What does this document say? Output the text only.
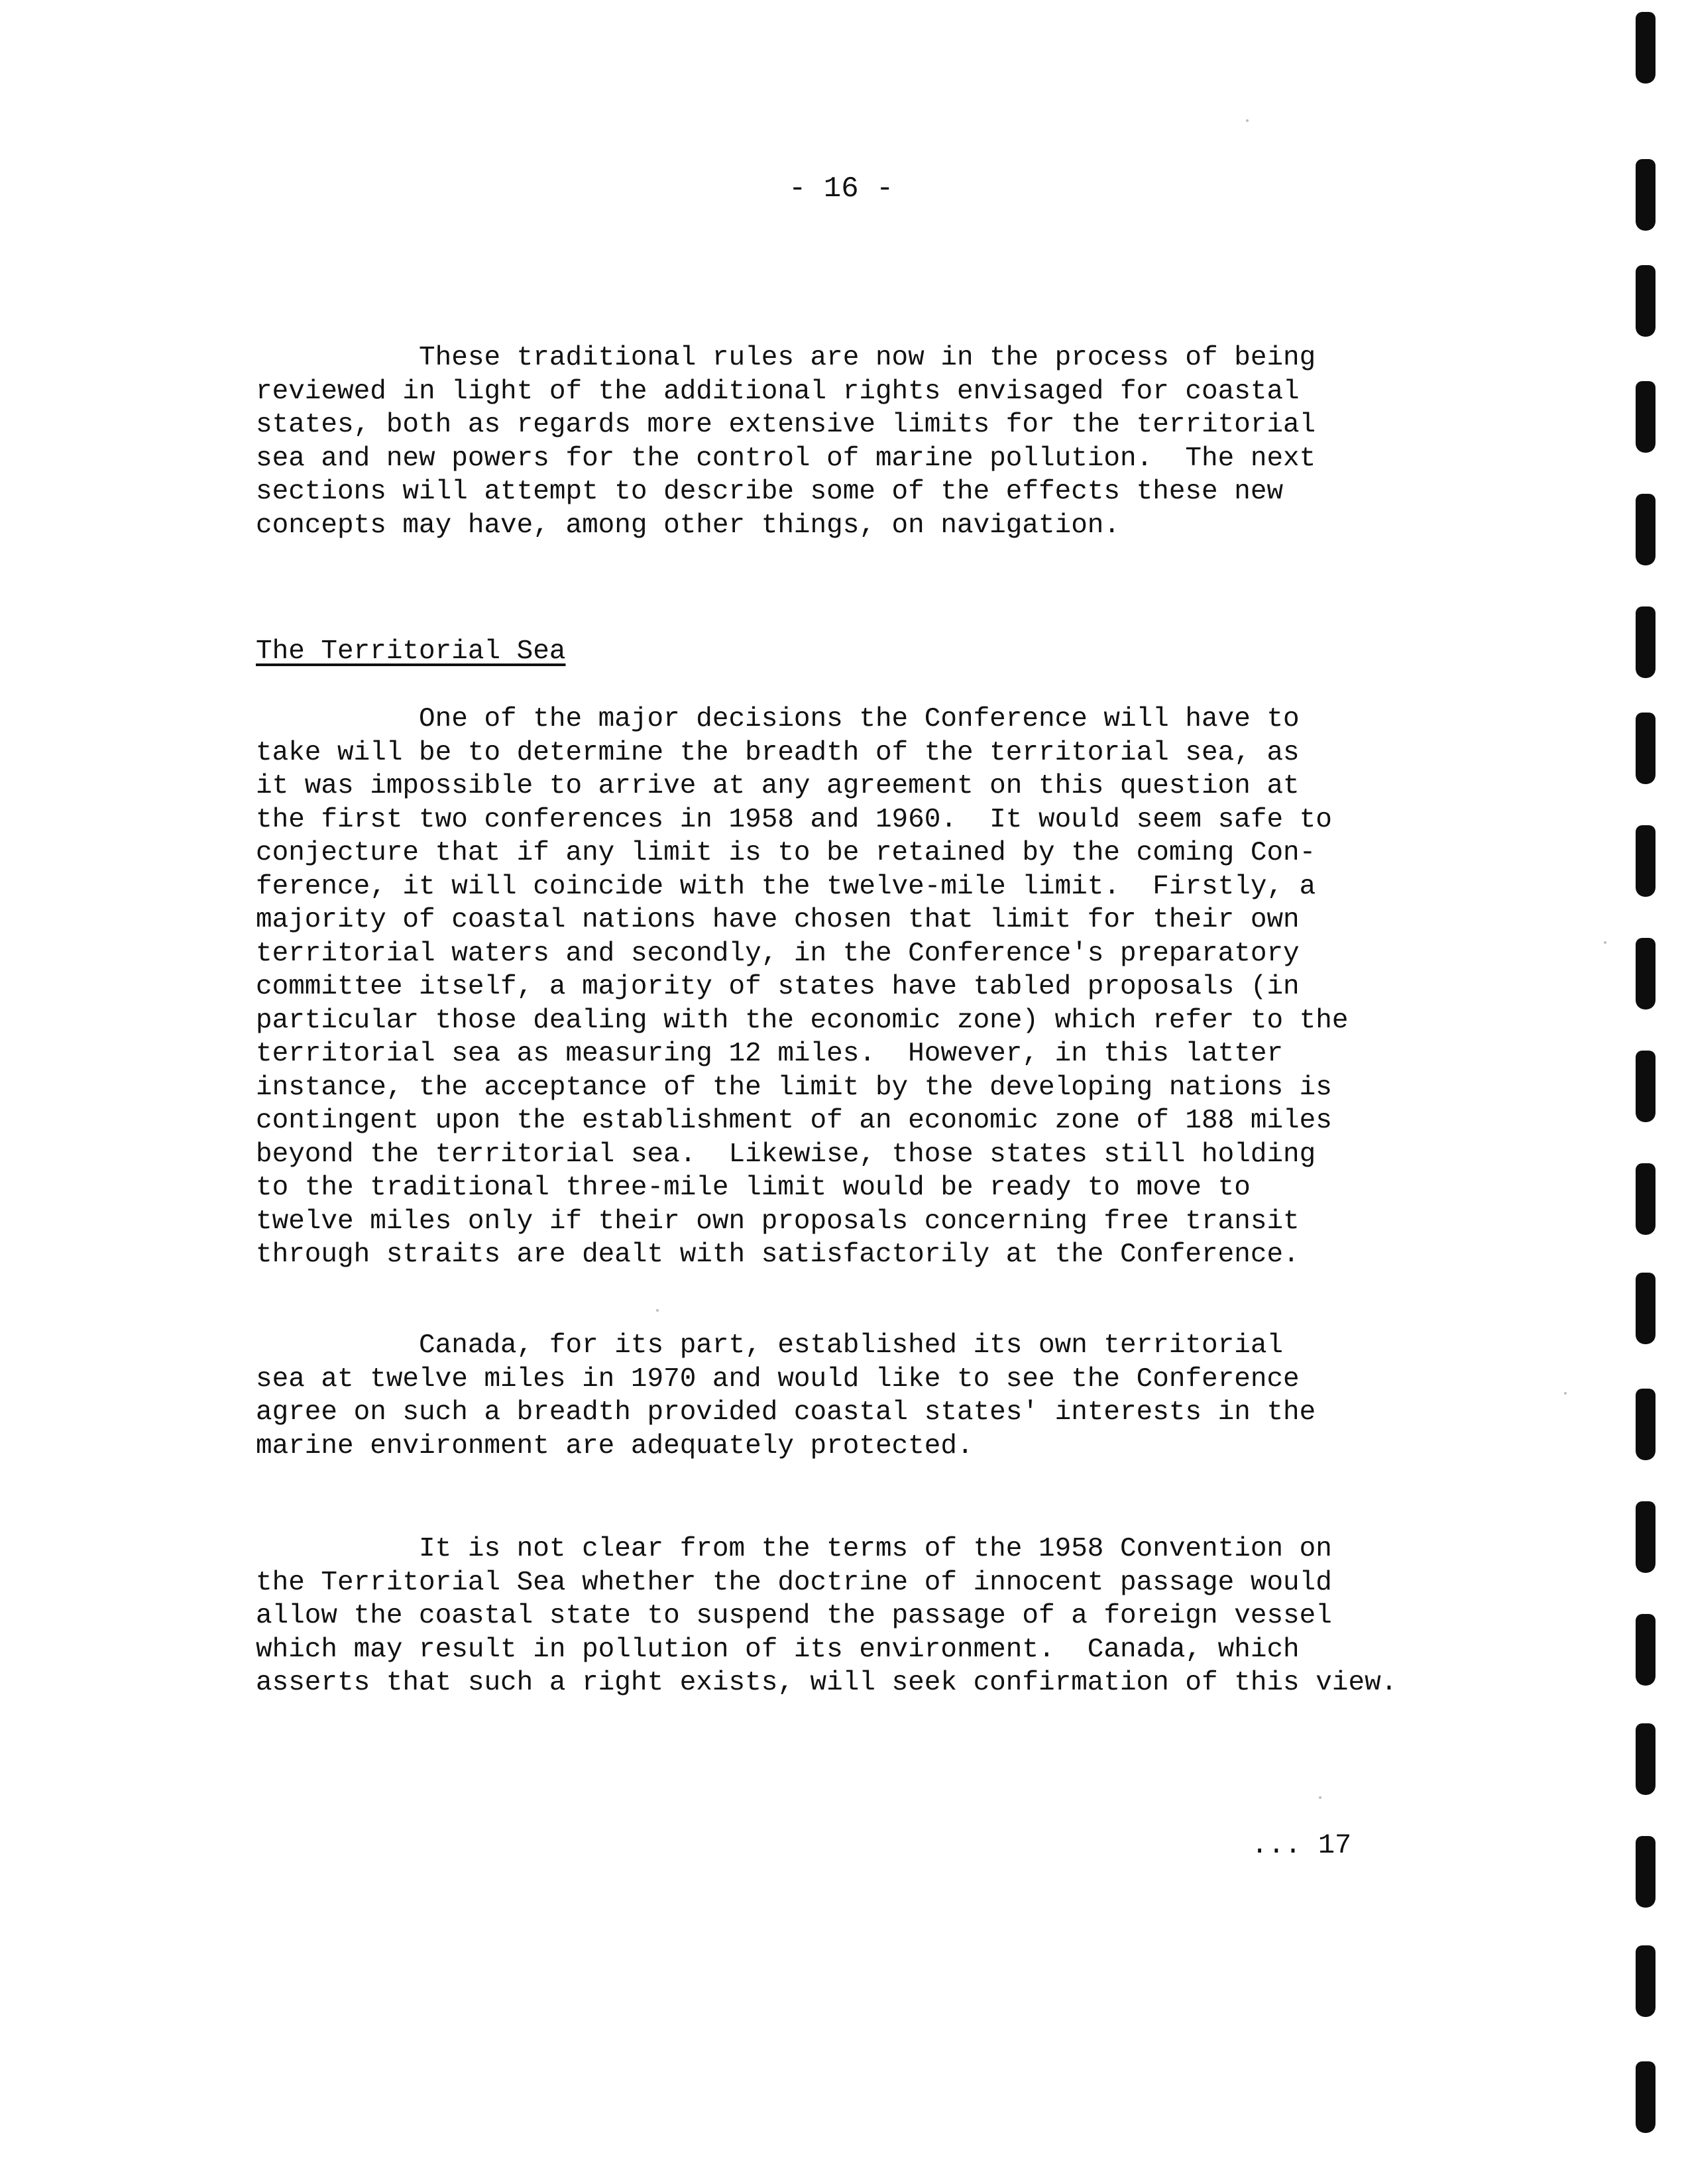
- 16 -

These traditional rules are now in the process of being
reviewed in light of the additional rights envisaged for coastal
states, both as regards more extensive limits for the territorial
sea and new powers for the control of marine pollution.  The next
sections will attempt to describe some of the effects these new
concepts may have, among other things, on navigation.

The Territorial Sea

One of the major decisions the Conference will have to
take will be to determine the breadth of the territorial sea, as
it was impossible to arrive at any agreement on this question at
the first two conferences in 1958 and 1960.  It would seem safe to
conjecture that if any limit is to be retained by the coming Con-
ference, it will coincide with the twelve-mile limit.  Firstly, a
majority of coastal nations have chosen that limit for their own
territorial waters and secondly, in the Conference's preparatory
committee itself, a majority of states have tabled proposals (in
particular those dealing with the economic zone) which refer to the
territorial sea as measuring 12 miles.  However, in this latter
instance, the acceptance of the limit by the developing nations is
contingent upon the establishment of an economic zone of 188 miles
beyond the territorial sea.  Likewise, those states still holding
to the traditional three-mile limit would be ready to move to
twelve miles only if their own proposals concerning free transit
through straits are dealt with satisfactorily at the Conference.

Canada, for its part, established its own territorial
sea at twelve miles in 1970 and would like to see the Conference
agree on such a breadth provided coastal states' interests in the
marine environment are adequately protected.

It is not clear from the terms of the 1958 Convention on
the Territorial Sea whether the doctrine of innocent passage would
allow the coastal state to suspend the passage of a foreign vessel
which may result in pollution of its environment.  Canada, which
asserts that such a right exists, will seek confirmation of this view.

... 17
